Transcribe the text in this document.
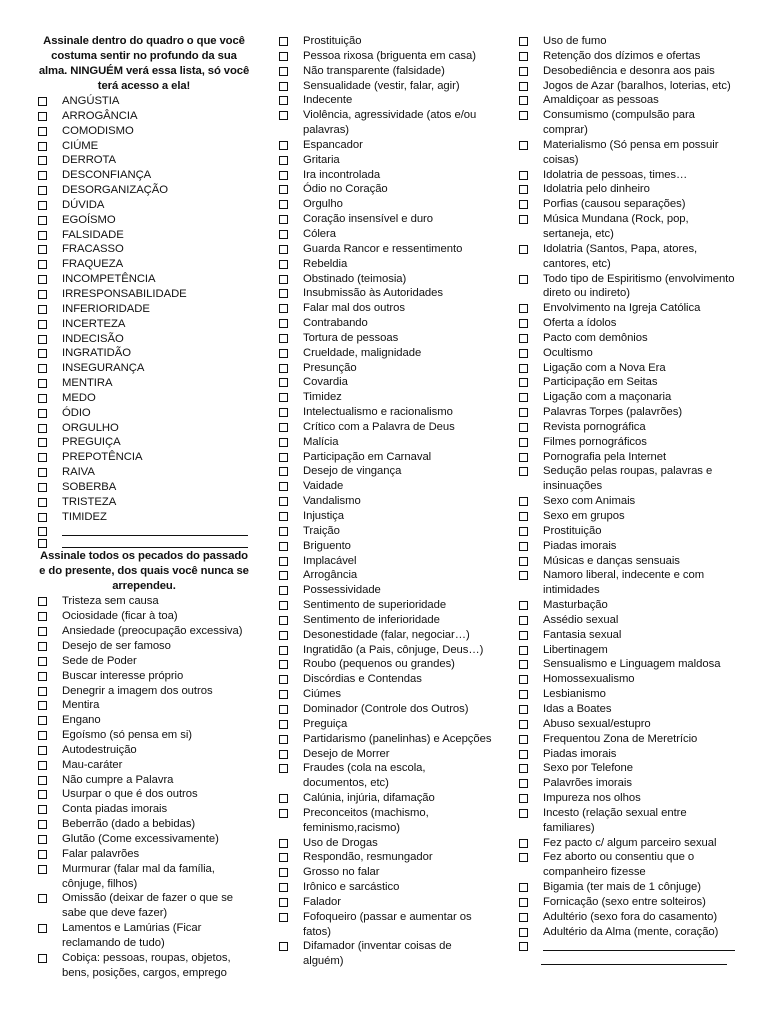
Assinale dentro do quadro o que você costuma sentir no profundo da sua alma. NINGUÉM verá essa lista, só você terá acesso a ela!
ANGÚSTIA
ARROGÂNCIA
COMODISMO
CIÚME
DERROTA
DESCONFIANÇA
DESORGANIZAÇÃO
DÚVIDA
EGOÍSMO
FALSIDADE
FRACASSO
FRAQUEZA
INCOMPETÊNCIA
IRRESPONSABILIDADE
INFERIORIDADE
INCERTEZA
INDECISÃO
INGRATIDÃO
INSEGURANÇA
MENTIRA
MEDO
ÓDIO
ORGULHO
PREGUIÇA
PREPOTÊNCIA
RAIVA
SOBERBA
TRISTEZA
TIMIDEZ
Assinale todos os pecados do passado e do presente, dos quais você nunca se arrependeu.
Tristeza sem causa
Ociosidade (ficar à toa)
Ansiedade (preocupação excessiva)
Desejo de ser famoso
Sede de Poder
Buscar interesse próprio
Denegrir a imagem dos outros
Mentira
Engano
Egoísmo (só pensa em si)
Autodestruição
Mau-caráter
Não cumpre a Palavra
Usurpar o que é dos outros
Conta piadas imorais
Beberrão (dado a bebidas)
Glutão (Come excessivamente)
Falar palavrões
Murmurar (falar mal da família, cônjuge, filhos)
Omissão (deixar de fazer o que se sabe que deve fazer)
Lamentos e Lamúrias (Ficar reclamando de tudo)
Cobiça: pessoas, roupas, objetos, bens, posições, cargos, emprego
Prostituição
Pessoa rixosa (briguenta em casa)
Não transparente (falsidade)
Sensualidade (vestir, falar, agir)
Indecente
Violência, agressividade (atos e/ou palavras)
Espancador
Gritaria
Ira incontrolada
Ódio no Coração
Orgulho
Coração insensível e duro
Cólera
Guarda Rancor e ressentimento
Rebeldia
Obstinado (teimosia)
Insubmissão às Autoridades
Falar mal dos outros
Contrabando
Tortura de pessoas
Crueldade, malignidade
Presunção
Covardia
Timidez
Intelectualismo e racionalismo
Crítico com a Palavra de Deus
Malícia
Participação em Carnaval
Desejo de vingança
Vaidade
Vandalismo
Injustiça
Traição
Briguento
Implacável
Arrogância
Possessividade
Sentimento de superioridade
Sentimento de inferioridade
Desonestidade (falar, negociar…)
Ingratidão (a Pais, cônjuge, Deus…)
Roubo (pequenos ou grandes)
Discórdias e Contendas
Ciúmes
Dominador (Controle dos Outros)
Preguiça
Partidarismo (panelinhas) e Acepções
Desejo de Morrer
Fraudes (cola na escola, documentos, etc)
Calúnia, injúria, difamação
Preconceitos (machismo, feminismo,racismo)
Uso de Drogas
Respondão, resmungador
Grosso no falar
Irônico e sarcástico
Falador
Fofoqueiro (passar e aumentar os fatos)
Difamador (inventar coisas de alguém)
Uso de fumo
Retenção dos dízimos e ofertas
Desobediência e desonra aos pais
Jogos de Azar (baralhos, loterias, etc)
Amaldiçoar as pessoas
Consumismo (compulsão para comprar)
Materialismo (Só pensa em possuir coisas)
Idolatria de pessoas, times…
Idolatria pelo dinheiro
Porfias (causou separações)
Música Mundana (Rock, pop, sertaneja, etc)
Idolatria (Santos, Papa, atores, cantores, etc)
Todo tipo de Espiritismo (envolvimento direto ou indireto)
Envolvimento na Igreja Católica
Oferta a ídolos
Pacto com demônios
Ocultismo
Ligação com a Nova Era
Participação em Seitas
Ligação com a maçonaria
Palavras Torpes (palavrões)
Revista pornográfica
Filmes pornográficos
Pornografia pela Internet
Sedução pelas roupas, palavras e insinuações
Sexo com Animais
Sexo em grupos
Prostituição
Piadas imorais
Músicas e danças sensuais
Namoro liberal, indecente e com intimidades
Masturbação
Assédio sexual
Fantasia sexual
Libertinagem
Sensualismo e Linguagem maldosa
Homossexualismo
Lesbianismo
Idas a Boates
Abuso sexual/estupro
Frequentou Zona de Meretrício
Piadas imorais
Sexo por Telefone
Palavrões imorais
Impureza nos olhos
Incesto (relação sexual entre familiares)
Fez pacto c/ algum parceiro sexual
Fez aborto ou consentiu que o companheiro fizesse
Bigamia (ter mais de 1 cônjuge)
Fornicação (sexo entre solteiros)
Adultério (sexo fora do casamento)
Adultério da Alma (mente, coração)
